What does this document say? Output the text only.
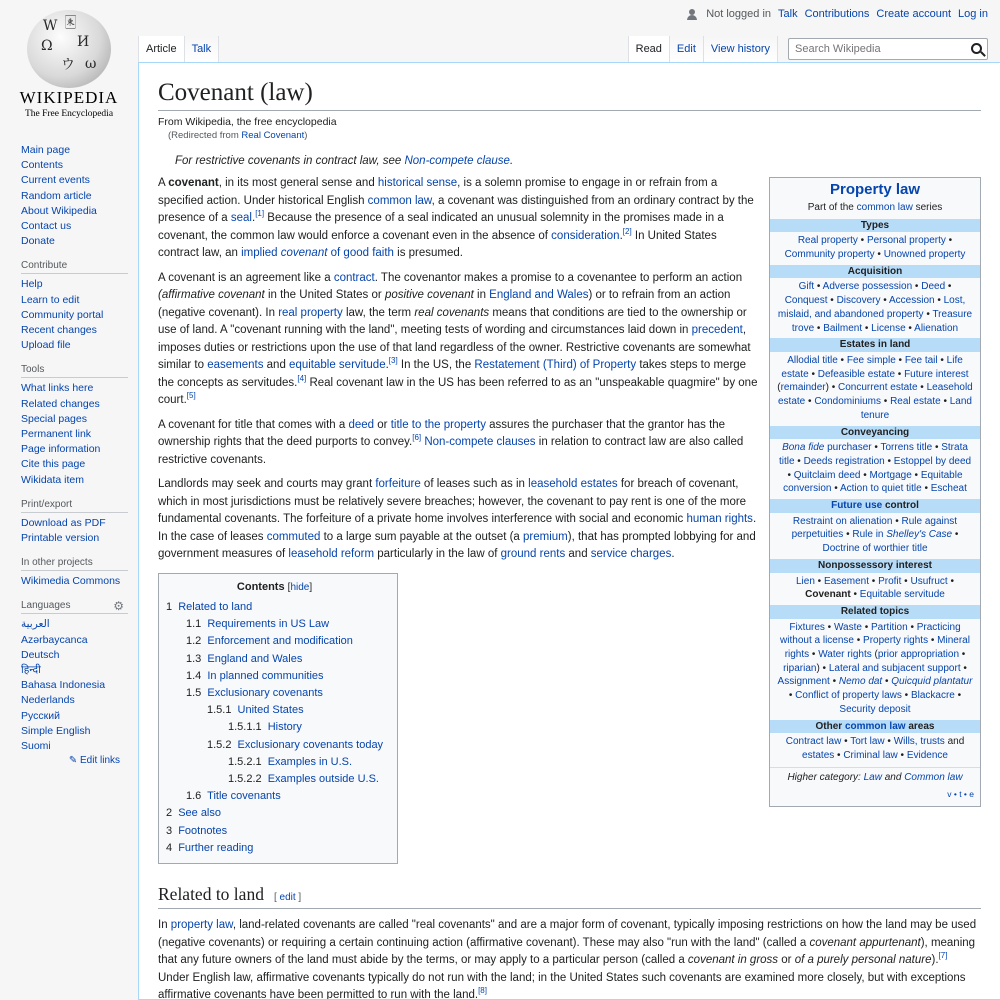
Not logged in Talk Contributions Create account Log in
W 🀀
И
Ω
ウ ω
WIKIPEDIA
The Free Encyclopedia
Main page
Contents
Current events
Random article
About Wikipedia
Contact us
Donate
Contribute
Help
Learn to edit
Community portal
Recent changes
Upload file
Tools
What links here
Related changes
Special pages
Permanent link
Page information
Cite this page
Wikidata item
Print/export
Download as PDF
Printable version
In other projects
Wikimedia Commons
Languages	⚙
العربية
Azərbaycanca
Deutsch
हिन्दी
Bahasa Indonesia
Nederlands
Русский
Simple English
Suomi
✎ Edit links
Article	Talk	Read	Edit	View history
Search Wikipedia
Covenant (law)
From Wikipedia, the free encyclopedia
(Redirected from Real Covenant)
For restrictive covenants in contract law, see Non-compete clause.
Property law
Part of the common law series
Types
Real property • Personal property • Community property • Unowned property
Acquisition
Gift • Adverse possession • Deed • Conquest • Discovery • Accession • Lost, mislaid, and abandoned property • Treasure trove • Bailment • License • Alienation
Estates in land
Allodial title • Fee simple • Fee tail • Life estate • Defeasible estate • Future interest (remainder) • Concurrent estate • Leasehold estate • Condominiums • Real estate • Land tenure
Conveyancing
Bona fide purchaser • Torrens title • Strata title • Deeds registration • Estoppel by deed • Quitclaim deed • Mortgage • Equitable conversion • Action to quiet title • Escheat
Future use control
Restraint on alienation • Rule against perpetuities • Rule in Shelley's Case • Doctrine of worthier title
Nonpossessory interest
Lien • Easement • Profit • Usufruct • Covenant • Equitable servitude
Related topics
Fixtures • Waste • Partition • Practicing without a license • Property rights • Mineral rights • Water rights (prior appropriation • riparian) • Lateral and subjacent support • Assignment • Nemo dat • Quicquid plantatur • Conflict of property laws • Blackacre • Security deposit
Other common law areas
Contract law • Tort law • Wills, trusts and estates • Criminal law • Evidence
Higher category: Law and Common law
v • t • e

A covenant, in its most general sense and historical sense, is a solemn promise to engage in or refrain from a specified action. Under historical English common law, a covenant was distinguished from an ordinary contract by the presence of a seal.[1] Because the presence of a seal indicated an unusual solemnity in the promises made in a covenant, the common law would enforce a covenant even in the absence of consideration.[2] In United States contract law, an implied covenant of good faith is presumed.

A covenant is an agreement like a contract. The covenantor makes a promise to a covenantee to perform an action (affirmative covenant in the United States or positive covenant in England and Wales) or to refrain from an action (negative covenant). In real property law, the term real covenants means that conditions are tied to the ownership or use of land. A "covenant running with the land", meeting tests of wording and circumstances laid down in precedent, imposes duties or restrictions upon the use of that land regardless of the owner. Restrictive covenants are somewhat similar to easements and equitable servitude.[3] In the US, the Restatement (Third) of Property takes steps to merge the concepts as servitudes.[4] Real covenant law in the US has been referred to as an "unspeakable quagmire" by one court.[5]

A covenant for title that comes with a deed or title to the property assures the purchaser that the grantor has the ownership rights that the deed purports to convey.[6] Non-compete clauses in relation to contract law are also called restrictive covenants.

Landlords may seek and courts may grant forfeiture of leases such as in leasehold estates for breach of covenant, which in most jurisdictions must be relatively severe breaches; however, the covenant to pay rent is one of the more fundamental covenants. The forfeiture of a private home involves interference with social and economic human rights. In the case of leases commuted to a large sum payable at the outset (a premium), that has prompted lobbying for and government measures of leasehold reform particularly in the law of ground rents and service charges.

Contents [hide]
1 Related to land
1.1 Requirements in US Law
1.2 Enforcement and modification
1.3 England and Wales
1.4 In planned communities
1.5 Exclusionary covenants
1.5.1 United States
1.5.1.1 History
1.5.2 Exclusionary covenants today
1.5.2.1 Examples in U.S.
1.5.2.2 Examples outside U.S.
1.6 Title covenants
2 See also
3 Footnotes
4 Further reading
Related to land [ edit ]

In property law, land-related covenants are called "real covenants" and are a major form of covenant, typically imposing restrictions on how the land may be used (negative covenants) or requiring a certain continuing action (affirmative covenant). These may also "run with the land" (called a covenant appurtenant), meaning that any future owners of the land must abide by the terms, or may apply to a particular person (called a covenant in gross or of a purely personal nature).[7] Under English law, affirmative covenants typically do not run with the land; in the United States such covenants are examined more closely, but with exceptions affirmative covenants have been permitted to run with the land.[8]
